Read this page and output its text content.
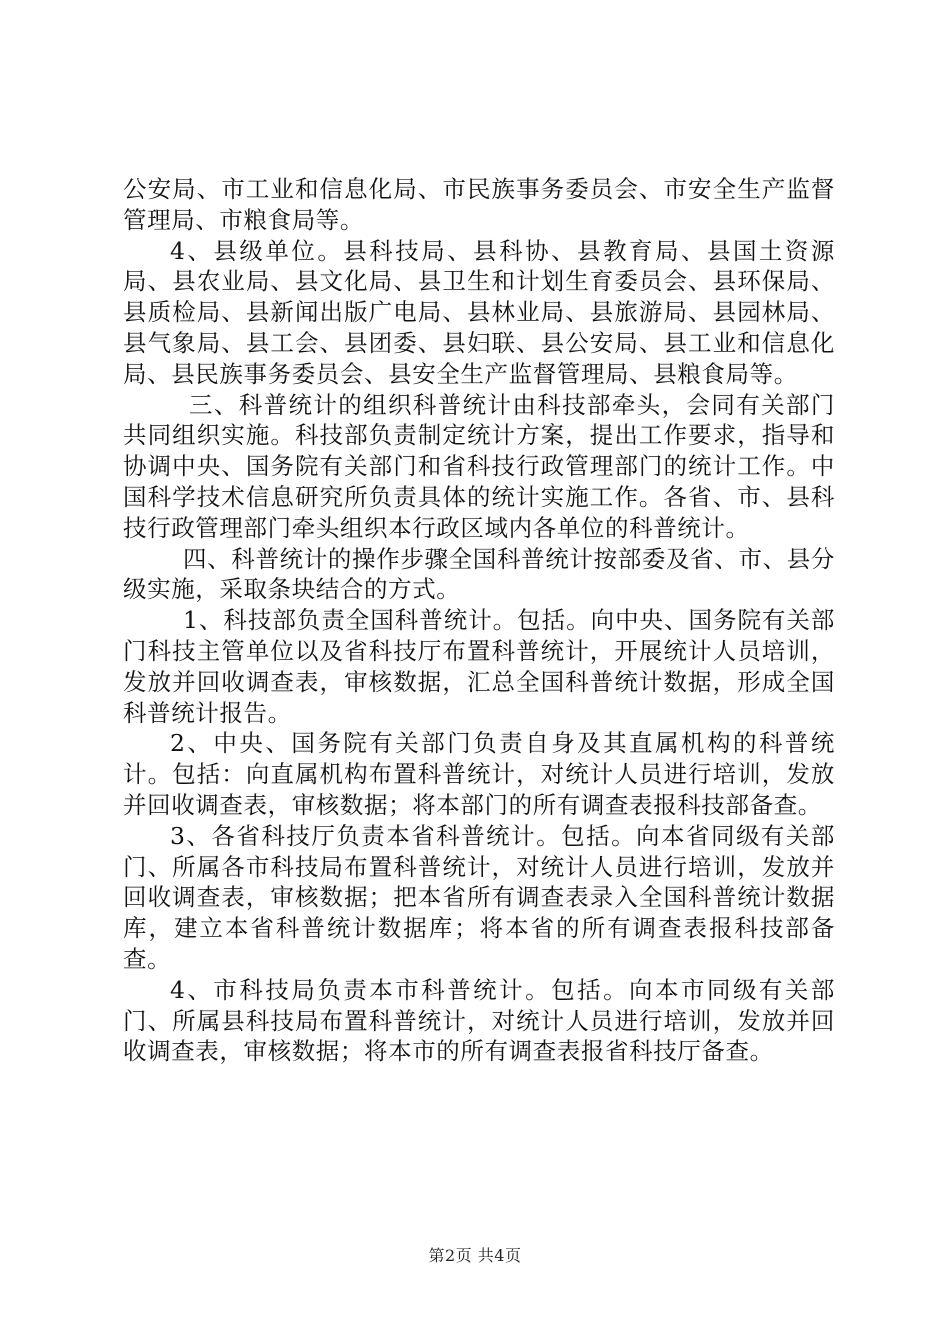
公安局、市工业和信息化局、市民族事务委员会、市安全生产监督管理局、市粮食局等。

4、县级单位。县科技局、县科协、县教育局、县国土资源局、县农业局、县文化局、县卫生和计划生育委员会、县环保局、县质检局、县新闻出版广电局、县林业局、县旅游局、县园林局、县气象局、县工会、县团委、县妇联、县公安局、县工业和信息化局、县民族事务委员会、县安全生产监督管理局、县粮食局等。

三、科普统计的组织科普统计由科技部牵头，会同有关部门共同组织实施。科技部负责制定统计方案，提出工作要求，指导和协调中央、国务院有关部门和省科技行政管理部门的统计工作。中国科学技术信息研究所负责具体的统计实施工作。各省、市、县科技行政管理部门牵头组织本行政区域内各单位的科普统计。

四、科普统计的操作步骤全国科普统计按部委及省、市、县分级实施，采取条块结合的方式。

1、科技部负责全国科普统计。包括。向中央、国务院有关部门科技主管单位以及省科技厅布置科普统计，开展统计人员培训，发放并回收调查表，审核数据，汇总全国科普统计数据，形成全国科普统计报告。

2、中央、国务院有关部门负责自身及其直属机构的科普统计。包括：向直属机构布置科普统计，对统计人员进行培训，发放并回收调查表，审核数据；将本部门的所有调查表报科技部备查。

3、各省科技厅负责本省科普统计。包括。向本省同级有关部门、所属各市科技局布置科普统计，对统计人员进行培训，发放并回收调查表，审核数据；把本省所有调查表录入全国科普统计数据库，建立本省科普统计数据库；将本省的所有调查表报科技部备查。

4、市科技局负责本市科普统计。包括。向本市同级有关部门、所属县科技局布置科普统计，对统计人员进行培训，发放并回收调查表，审核数据；将本市的所有调查表报省科技厅备查。

第2页 共4页
